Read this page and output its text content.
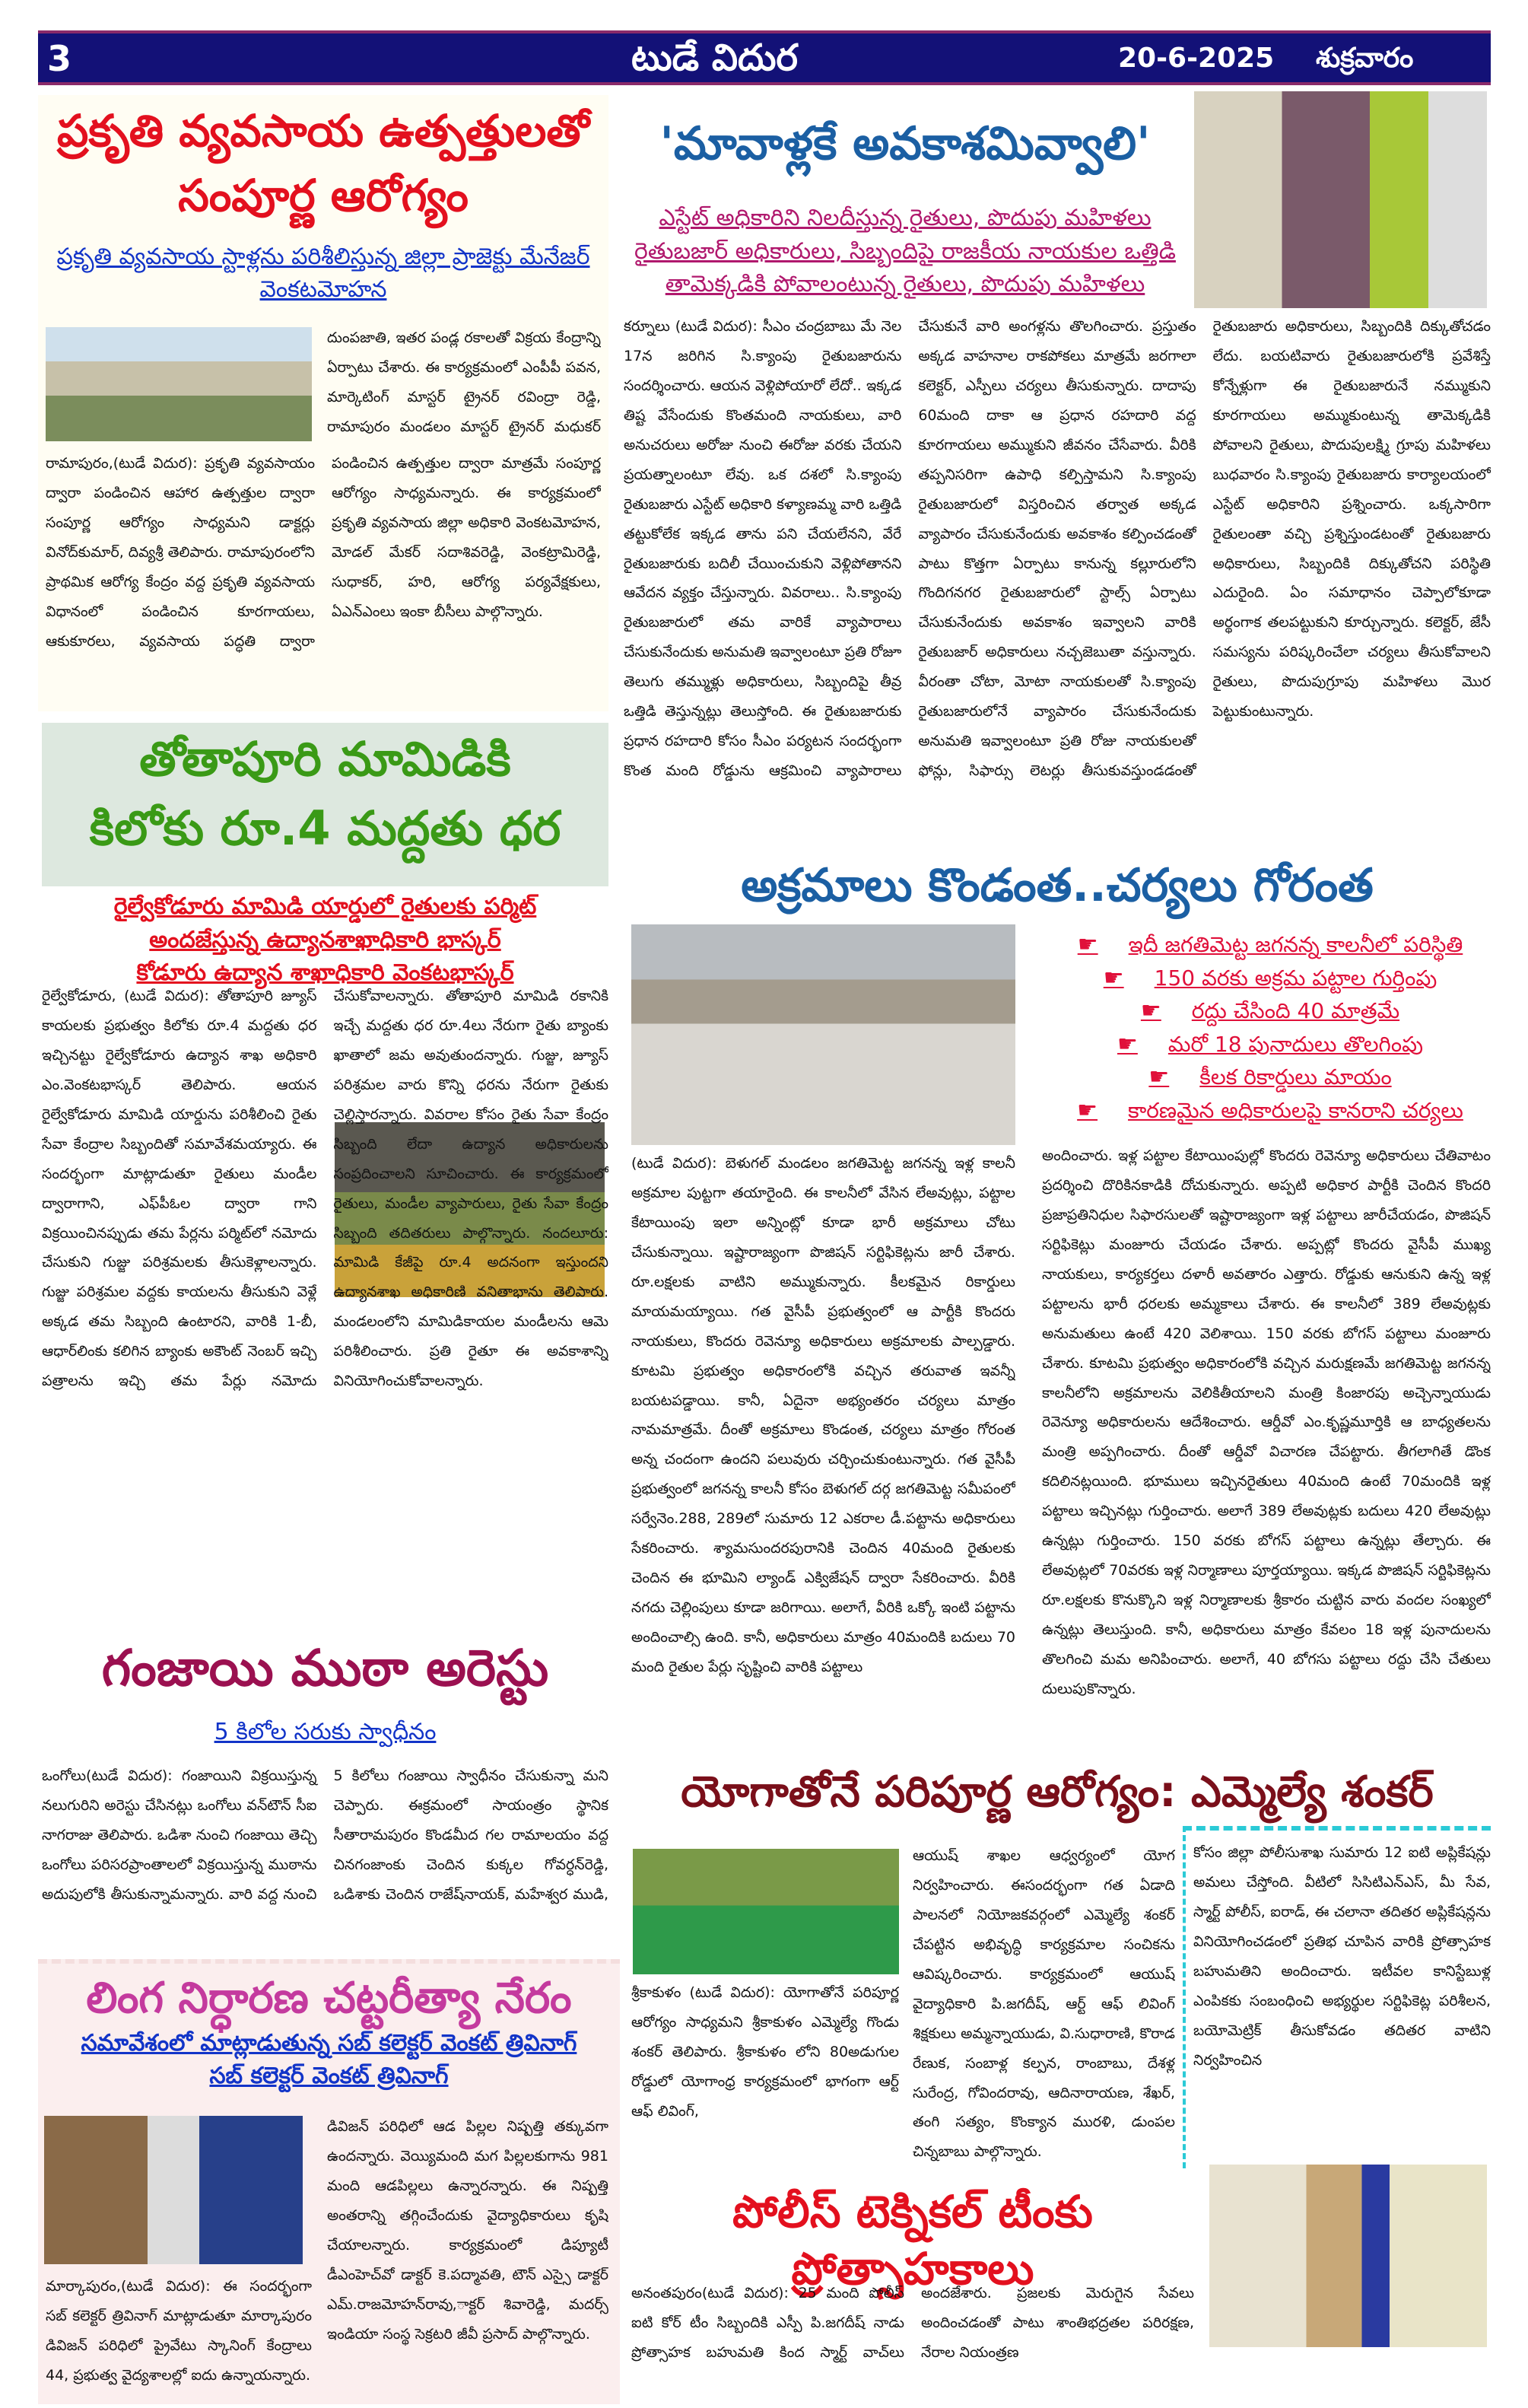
3	టుడే విదుర	20-6-2025 శుక్రవారం
ప్రకృతి వ్యవసాయ ఉత్పత్తులతో
సంపూర్ణ ఆరోగ్యం
ప్రకృతి వ్యవసాయ స్టాళ్లను పరిశీలిస్తున్న జిల్లా ప్రాజెక్టు మేనేజర్ వెంకటమోహన
దుంపజాతి, ఇతర పండ్ల రకాలతో విక్రయ కేంద్రాన్ని ఏర్పాటు చేశారు. ఈ కార్యక్రమంలో ఎంపీపీ పవన, మార్కెటింగ్ మాస్టర్ ట్రైనర్ రవింద్రా రెడ్డి, రామాపురం మండలం మాస్టర్ ట్రైనర్ మధుకర్
రామాపురం,(టుడే విదుర): ప్రకృతి వ్యవసాయం ద్వారా పండించిన ఆహార ఉత్పత్తుల ద్వారా సంపూర్ణ ఆరోగ్యం సాధ్యమని డాక్టర్లు వినోద్‌కుమార్, దివ్యశ్రీ తెలిపారు. రామాపురంలోని ప్రాథమిక ఆరోగ్య కేంద్రం వద్ద ప్రకృతి వ్యవసాయ విధానంలో పండించిన కూరగాయలు, ఆకుకూరలు, వ్యవసాయ పద్ధతి ద్వారా పండించిన ఉత్పత్తుల ద్వారా మాత్రమే సంపూర్ణ ఆరోగ్యం సాధ్యమన్నారు. ఈ కార్యక్రమంలో ప్రకృతి వ్యవసాయ జిల్లా అధికారి వెంకటమోహన, మోడల్ మేకర్ సదాశివరెడ్డి, వెంకట్రామిరెడ్డి, సుధాకర్, హరి, ఆరోగ్య పర్యవేక్షకులు, ఏఎన్ఎంలు ఇంకా బీసీలు పాల్గొన్నారు.
తోతాపూరి మామిడికి
కిలోకు రూ.4 మద్దతు ధర
రైల్వేకోడూరు మామిడి యార్డులో రైతులకు పర్మిట్
అందజేస్తున్న ఉద్యానశాఖాధికారి భాస్కర్
కోడూరు ఉద్యాన శాఖాధికారి వెంకటభాస్కర్
రైల్వేకోడూరు, (టుడే విదుర): తోతాపూరి జ్యూస్ కాయలకు ప్రభుత్వం కిలోకు రూ.4 మద్దతు ధర ఇచ్చినట్టు రైల్వేకోడూరు ఉద్యాన శాఖ అధికారి ఎం.వెంకటభాస్కర్ తెలిపారు. ఆయన రైల్వేకోడూరు మామిడి యార్డును పరిశీలించి రైతు సేవా కేంద్రాల సిబ్బందితో సమావేశమయ్యారు. ఈ సందర్భంగా మాట్లాడుతూ రైతులు మండీల ద్వారాగాని, ఎఫ్‌పీఓల ద్వారా గాని విక్రయించినప్పుడు తమ పేర్లను పర్మిట్‌లో నమోదు చేసుకుని గుజ్జు పరిశ్రమలకు తీసుకెళ్లాలన్నారు. గుజ్జు పరిశ్రమల వద్దకు కాయలను తీసుకుని వెళ్లే అక్కడ తమ సిబ్బంది ఉంటారని, వారికి 1-బీ, ఆధార్‌లింకు కలిగిన బ్యాంకు అకౌంట్ నెంబర్ ఇచ్చి పత్రాలను ఇచ్చి తమ పేర్లు నమోదు చేసుకోవాలన్నారు. తోతాపూరి మామిడి రకానికి ఇచ్చే మద్దతు ధర రూ.4లు నేరుగా రైతు బ్యాంకు ఖాతాలో జమ అవుతుందన్నారు. గుజ్జు, జ్యూస్ పరిశ్రమల వారు కొన్ని ధరను నేరుగా రైతుకు చెల్లిస్తారన్నారు. వివరాల కోసం రైతు సేవా కేంద్రం సిబ్బంది లేదా ఉద్యాన అధికారులను సంప్రదించాలని సూచించారు. ఈ కార్యక్రమంలో రైతులు, మండీల వ్యాపారులు, రైతు సేవా కేంద్రం సిబ్బంది తదితరులు పాల్గొన్నారు. నందలూరు: మామిడి కేజీపై రూ.4 అదనంగా ఇస్తుందని ఉద్యానశాఖ అధికారిణి వనితాభాను తెలిపారు. మండలంలోని మామిడికాయల మండీలను ఆమె పరిశీలించారు. ప్రతి రైతూ ఈ అవకాశాన్ని వినియోగించుకోవాలన్నారు.
గంజాయి ముఠా అరెస్టు
5 కిలోల సరుకు స్వాధీనం
ఒంగోలు(టుడే విదుర): గంజాయిని విక్రయిస్తున్న నలుగురిని అరెస్టు చేసినట్లు ఒంగోలు వన్‌టౌన్ సీఐ నాగరాజు తెలిపారు. ఒడిశా నుంచి గంజాయి తెచ్చి ఒంగోలు పరిసరప్రాంతాలలో విక్రయిస్తున్న ముఠాను అదుపులోకి తీసుకున్నామన్నారు. వారి వద్ద నుంచి 5 కిలోలు గంజాయి స్వాధీనం చేసుకున్నా మని చెప్పారు. ఈక్రమంలో సాయంత్రం స్థానిక సీతారామపురం కొండమీద గల రామాలయం వద్ద చినగంజాంకు చెందిన కుక్కల గోవర్ధన్‌రెడ్డి, ఒడిశాకు చెందిన రాజేష్‌నాయక్, మహేశ్వర ముడి,
లింగ నిర్ధారణ చట్టరీత్యా నేరం
సమావేశంలో మాట్లాడుతున్న సబ్ కలెక్టర్ వెంకట్ త్రివినాగ్
సబ్ కలెక్టర్ వెంకట్ త్రివినాగ్
డివిజన్ పరిధిలో ఆడ పిల్లల నిష్పత్తి తక్కువగా ఉందన్నారు. వెయ్యిమంది మగ పిల్లలకుగాను 981 మంది ఆడపిల్లలు ఉన్నారన్నారు. ఈ నిష్పత్తి అంతరాన్ని తగ్గించేందుకు వైద్యాధికారులు కృషి చేయాలన్నారు. కార్యక్రమంలో డిప్యూటీ డీఎంహెచ్‌వో డాక్టర్ కె.పద్మావతి, టౌన్ ఎస్సై డాక్టర్ ఎమ్.రాజమోహన్‌రావు,ాక్టర్ శివారెడ్డి, మదర్స్ ఇండియా సంస్థ సెక్రటరి జీవీ ప్రసాద్ పాల్గొన్నారు.
మార్కాపురం,(టుడే విదుర): ఈ సందర్భంగా సబ్ కలెక్టర్ త్రివినాగ్ మాట్లాడుతూ మార్కాపురం డివిజన్ పరిధిలో ప్రైవేటు స్కానింగ్ కేంద్రాలు 44, ప్రభుత్వ వైద్యశాలల్లో ఐదు ఉన్నాయన్నారు.
'మావాళ్లకే అవకాశమివ్వాలి'
ఎస్టేట్ అధికారిని నిలదీస్తున్న రైతులు, పొదుపు మహిళలు
రైతుబజార్ అధికారులు, సిబ్బందిపై రాజకీయ నాయకుల ఒత్తిడి
తామెక్కడికి పోవాలంటున్న రైతులు, పొదుపు మహిళలు
కర్నూలు (టుడే విదుర): సీఎం చంద్రబాబు మే నెల 17న జరిగిన సి.క్యాంపు రైతుబజారును సందర్శించారు. ఆయన వెళ్లిపోయారో లేదో.. ఇక్కడ తిష్ట వేసేందుకు కొంతమంది నాయకులు, వారి అనుచరులు అరోజు నుంచి ఈరోజు వరకు చేయని ప్రయత్నాలంటూ లేవు. ఒక దశలో సి.క్యాంపు రైతుబజారు ఎస్టేట్ అధికారి కళ్యాణమ్మ వారి ఒత్తిడి తట్టుకోలేక ఇక్కడ తాను పని చేయలేనని, వేరే రైతుబజారుకు బదిలీ చేయించుకుని వెళ్లిపోతానని ఆవేదన వ్యక్తం చేస్తున్నారు. వివరాలు.. సి.క్యాంపు రైతుబజారులో తమ వారికే వ్యాపారాలు చేసుకునేందుకు అనుమతి ఇవ్వాలంటూ ప్రతి రోజూ తెలుగు తమ్ముళ్లు అధికారులు, సిబ్బందిపై తీవ్ర ఒత్తిడి తెస్తున్నట్లు తెలుస్తోంది. ఈ రైతుబజారుకు ప్రధాన రహదారి కోసం సీఎం పర్యటన సందర్భంగా కొంత మంది రోడ్డును ఆక్రమించి వ్యాపారాలు చేసుకునే వారి అంగళ్లను తొలగించారు. ప్రస్తుతం అక్కడ వాహనాల రాకపోకలు మాత్రమే జరగాలా కలెక్టర్, ఎస్పీలు చర్యలు తీసుకున్నారు. దాదాపు 60మంది దాకా ఆ ప్రధాన రహదారి వద్ద కూరగాయలు అమ్ముకుని జీవనం చేసేవారు. వీరికి తప్పనిసరిగా ఉపాధి కల్పిస్తామని సి.క్యాంపు రైతుబజారులో విస్తరించిన తర్వాత అక్కడ వ్యాపారం చేసుకునేందుకు అవకాశం కల్పించడంతో పాటు కొత్తగా ఏర్పాటు కానున్న కల్లూరులోని గొందిగనగర రైతుబజారులో స్టాల్స్ ఏర్పాటు చేసుకునేందుకు అవకాశం ఇవ్వాలని వారికి రైతుబజార్ అధికారులు నచ్చజెబుతా వస్తున్నారు. వీరంతా చోటా, మోటా నాయకులతో సి.క్యాంపు రైతుబజారులోనే వ్యాపారం చేసుకునేందుకు అనుమతి ఇవ్వాలంటూ ప్రతి రోజు నాయకులతో ఫోన్లు, సిఫార్సు లెటర్లు తీసుకువస్తుండడంతో రైతుబజారు అధికారులు, సిబ్బందికి దిక్కుతోచడం లేదు. బయటివారు రైతుబజారులోకి ప్రవేశిస్తే కోన్నేళ్లుగా ఈ రైతుబజారునే నమ్ముకుని కూరగాయలు అమ్ముకుంటున్న తామెక్కడికి పోవాలని రైతులు, పొదుపులక్ష్మి గ్రూపు మహిళలు బుధవారం సి.క్యాంపు రైతుబజారు కార్యాలయంలో ఎస్టేట్ అధికారిని ప్రశ్నించారు. ఒక్కసారిగా రైతులంతా వచ్చి ప్రశ్నిస్తుండటంతో రైతుబజారు అధికారులు, సిబ్బందికి దిక్కుతోచని పరిస్థితి ఎదురైంది. ఏం సమాధానం చెప్పాలోకూడా అర్థంగాక తలపట్టుకుని కూర్చున్నారు. కలెక్టర్, జేసీ సమస్యను పరిష్కరించేలా చర్యలు తీసుకోవాలని రైతులు, పొదుపుగ్రూపు మహిళలు మొర పెట్టుకుంటున్నారు.
అక్రమాలు కొండంత..చర్యలు గోరంత
☛ ఇదీ జగతిమెట్ట జగనన్న కాలనీలో పరిస్థితి
☛ 150 వరకు అక్రమ పట్టాల గుర్తింపు
☛ రద్దు చేసింది 40 మాత్రమే
☛ మరో 18 పునాదులు తొలగింపు
☛ కీలక రికార్డులు మాయం
☛ కారణమైన అధికారులపై కానరాని చర్యలు
(టుడే విదుర): బెళుగల్ మండలం జగతిమెట్ట జగనన్న ఇళ్ల కాలనీ అక్రమాల పుట్టగా తయారైంది. ఈ కాలనీలో వేసిన లేఅవుట్లు, పట్టాల కేటాయింపు ఇలా అన్నింట్లో కూడా భారీ అక్రమాలు చోటు చేసుకున్నాయి. ఇష్టారాజ్యంగా పొజిషన్ సర్టిఫికెట్లను జారీ చేశారు. రూ.లక్షలకు వాటిని అమ్ముకున్నారు. కీలకమైన రికార్డులు మాయమయ్యాయి. గత వైసీపీ ప్రభుత్వంలో ఆ పార్టీకి కొందరు నాయకులు, కొందరు రెవెన్యూ అధికారులు అక్రమాలకు పాల్పడ్డారు. కూటమి ప్రభుత్వం అధికారంలోకి వచ్చిన తరువాత ఇవన్నీ బయటపడ్డాయి. కానీ, ఏదైనా అభ్యంతరం చర్యలు మాత్రం నామమాత్రమే. దీంతో అక్రమాలు కొండంత, చర్యలు మాత్రం గోరంత అన్న చందంగా ఉందని పలువురు చర్చించుకుంటున్నారు. గత వైసీపీ ప్రభుత్వంలో జగనన్న కాలనీ కోసం బెళుగల్ దర్గ జగతిమెట్ట సమీపంలో సర్వేనెం.288, 289లో సుమారు 12 ఎకరాల డీ.పట్టాను అధికారులు సేకరించారు. శ్యామసుందరపురానికి చెందిన 40మంది రైతులకు చెందిన ఈ భూమిని ల్యాండ్ ఎక్విజేషన్ ద్వారా సేకరించారు. వీరికి నగదు చెల్లింపులు కూడా జరిగాయి. అలాగే, వీరికి ఒక్కో ఇంటి పట్టాను అందించాల్సి ఉంది. కానీ, అధికారులు మాత్రం 40మందికి బదులు 70 మంది రైతుల పేర్లు సృష్టించి వారికి పట్టాలు
అందించారు. ఇళ్ల పట్టాల కేటాయింపుల్లో కొందరు రెవెన్యూ అధికారులు చేతివాటం ప్రదర్శించి దొరికినకాడికి దోచుకున్నారు. అప్పటి అధికార పార్టీకి చెందిన కొందరి ప్రజాప్రతినిధుల సిఫారసులతో ఇష్టారాజ్యంగా ఇళ్ల పట్టాలు జారీచేయడం, పొజిషన్ సర్టిఫికెట్లు మంజూరు చేయడం చేశారు. అప్పట్లో కొందరు వైసీపీ ముఖ్య నాయకులు, కార్యకర్తలు దళారీ అవతారం ఎత్తారు. రోడ్డుకు ఆనుకుని ఉన్న ఇళ్ల పట్టాలను భారీ ధరలకు అమ్మకాలు చేశారు. ఈ కాలనీలో 389 లేఅవుట్లకు అనుమతులు ఉంటే 420 వెలిశాయి. 150 వరకు బోగస్ పట్టాలు మంజూరు చేశారు. కూటమి ప్రభుత్వం అధికారంలోకి వచ్చిన మరుక్షణమే జగతిమెట్ట జగనన్న కాలనీలోని అక్రమాలను వెలికితీయాలని మంత్రి కింజారపు అచ్చెన్నాయుడు రెవెన్యూ అధికారులను ఆదేశించారు. ఆర్డీవో ఎం.కృష్ణమూర్తికి ఆ బాధ్యతలను మంత్రి అప్పగించారు. దీంతో ఆర్డీవో విచారణ చేపట్టారు. తీగలాగితే డొంక కదిలినట్లయింది. భూములు ఇచ్చినరైతులు 40మంది ఉంటే 70మందికి ఇళ్ల పట్టాలు ఇచ్చినట్లు గుర్తించారు. అలాగే 389 లేఅవుట్లకు బదులు 420 లేఅవుట్లు ఉన్నట్లు గుర్తించారు. 150 వరకు బోగస్ పట్టాలు ఉన్నట్లు తేల్చారు. ఈ లేఅవుట్లలో 70వరకు ఇళ్ల నిర్మాణాలు పూర్తయ్యాయి. ఇక్కడ పొజిషన్ సర్టిఫికెట్లను రూ.లక్షలకు కొనుక్కొని ఇళ్ల నిర్మాణాలకు శ్రీకారం చుట్టిన వారు వందల సంఖ్యలో ఉన్నట్లు తెలుస్తుంది. కానీ, అధికారులు మాత్రం కేవలం 18 ఇళ్ల పునాదులను తొలగించి మమ అనిపించారు. అలాగే, 40 బోగసు పట్టాలు రద్దు చేసి చేతులు దులుపుకొన్నారు.
యోగాతోనే పరిపూర్ణ ఆరోగ్యం: ఎమ్మెల్యే శంకర్
శ్రీకాకుళం (టుడే విదుర): యోగాతోనే పరిపూర్ణ ఆరోగ్యం సాధ్యమని శ్రీకాకుళం ఎమ్మెల్యే గొండు శంకర్ తెలిపారు. శ్రీకాకుళం లోని 80అడుగుల రోడ్డులో యోగాంధ్ర కార్యక్రమంలో భాగంగా ఆర్ట్ ఆఫ్ లివింగ్,
ఆయుష్ శాఖల ఆధ్వర్యంలో యోగ నిర్వహించారు. ఈసందర్భంగా గత ఏడాది పాలనలో నియోజకవర్గంలో ఎమ్మెల్యే శంకర్ చేపట్టిన అభివృద్ధి కార్యక్రమాల సంచికను ఆవిష్కరించారు. కార్యక్రమంలో ఆయుష్ వైద్యాధికారి పి.జగదీష్, ఆర్ట్ ఆఫ్ లివింగ్ శిక్షకులు అమ్మన్నాయుడు, వి.సుధారాణి, కొరాడ రేణుక, సంబాళ్ల కల్పన, రాంబాబు, దేశళ్ల సురేంద్ర, గోవిందరావు, ఆదినారాయణ, శేఖర్, తంగి సత్యం, కొంక్యాన మురళి, డుంపల చిన్నబాబు పాల్గొన్నారు.
కోసం జిల్లా పోలీసుశాఖ సుమారు 12 ఐటి అప్లికేషన్లు అమలు చేస్తోంది. వీటిలో సిసిటిఎన్ఎస్, మీ సేవ, స్మార్ట్ పోలీస్, ఐరాడ్, ఈ చలానా తదితర అప్లికేషన్లను వినియోగించడంలో ప్రతిభ చూపిన వారికి ప్రోత్సాహక బహుమతిని అందించారు. ఇటీవల కానిస్టేబుళ్ల ఎంపికకు సంబంధించి అభ్యర్థుల సర్టిఫికెట్ల పరిశీలన, బయోమెట్రిక్ తీసుకోవడం తదితర వాటిని నిర్వహించిన
పోలీస్ టెక్నికల్ టీంకు ప్రోత్సాహకాలు
అనంతపురం(టుడే విదుర): 25 మంది పోలీస్ ఐటి కోర్ టీం సిబ్బందికి ఎస్పీ పి.జగదీష్ నాడు ప్రోత్సాహక బహుమతి కింద స్మార్ట్ వాచ్‌లు అందజేశారు. ప్రజలకు మెరుగైన సేవలు అందించడంతో పాటు శాంతిభద్రతల పరిరక్షణ, నేరాల నియంత్రణ
